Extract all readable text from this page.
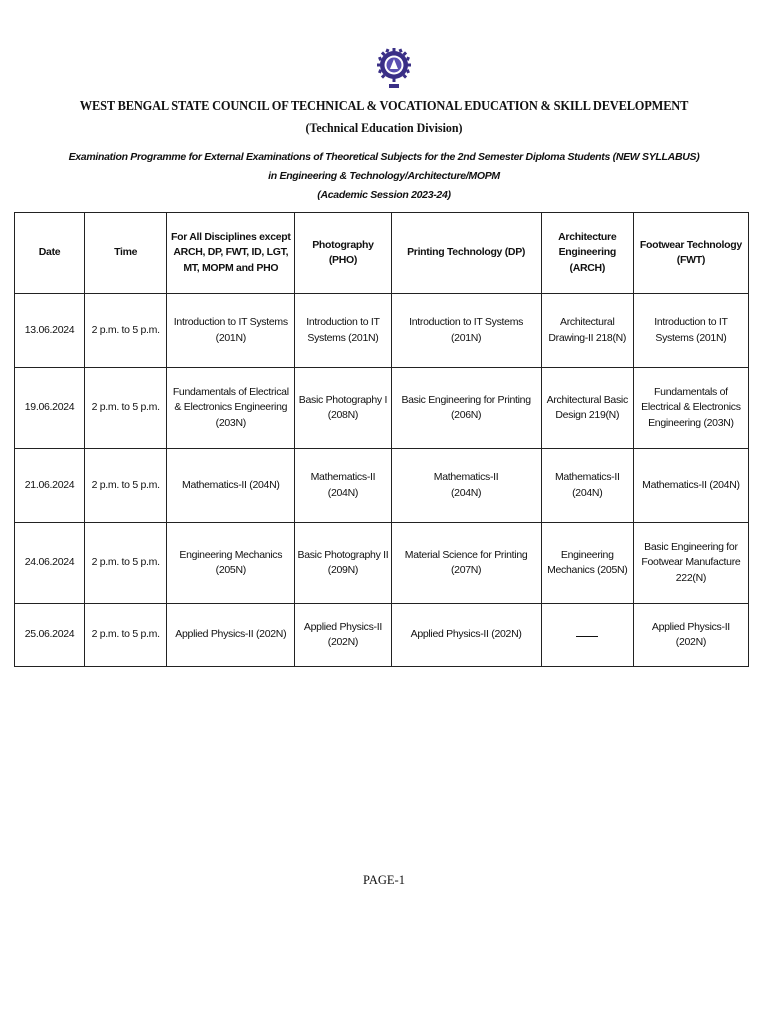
WEST BENGAL STATE COUNCIL OF TECHNICAL & VOCATIONAL EDUCATION & SKILL DEVELOPMENT
(Technical Education Division)
Examination Programme for External Examinations of Theoretical Subjects for the 2nd Semester Diploma Students (NEW SYLLABUS)
in Engineering & Technology/Architecture/MOPM
(Academic Session 2023-24)
Date	Time	For All Disciplines except ARCH, DP, FWT, ID, LGT, MT, MOPM and PHO	Photography (PHO)	Printing Technology (DP)	Architecture Engineering (ARCH)	Footwear Technology (FWT)
13.06.2024	2 p.m. to 5 p.m.	Introduction to IT Systems (201N)	Introduction to IT Systems (201N)	Introduction to IT Systems (201N)	Architectural Drawing-II 218(N)	Introduction to IT Systems (201N)
19.06.2024	2 p.m. to 5 p.m.	Fundamentals of Electrical & Electronics Engineering (203N)	Basic Photography I (208N)	Basic Engineering for Printing (206N)	Architectural Basic Design 219(N)	Fundamentals of Electrical & Electronics Engineering (203N)
21.06.2024	2 p.m. to 5 p.m.	Mathematics-II (204N)	Mathematics-II (204N)	Mathematics-II (204N)	Mathematics-II (204N)	Mathematics-II (204N)
24.06.2024	2 p.m. to 5 p.m.	Engineering Mechanics (205N)	Basic Photography II (209N)	Material Science for Printing (207N)	Engineering Mechanics (205N)	Basic Engineering for Footwear Manufacture 222(N)
25.06.2024	2 p.m. to 5 p.m.	Applied Physics-II (202N)	Applied Physics-II (202N)	Applied Physics-II (202N)		Applied Physics-II (202N)
PAGE-1
